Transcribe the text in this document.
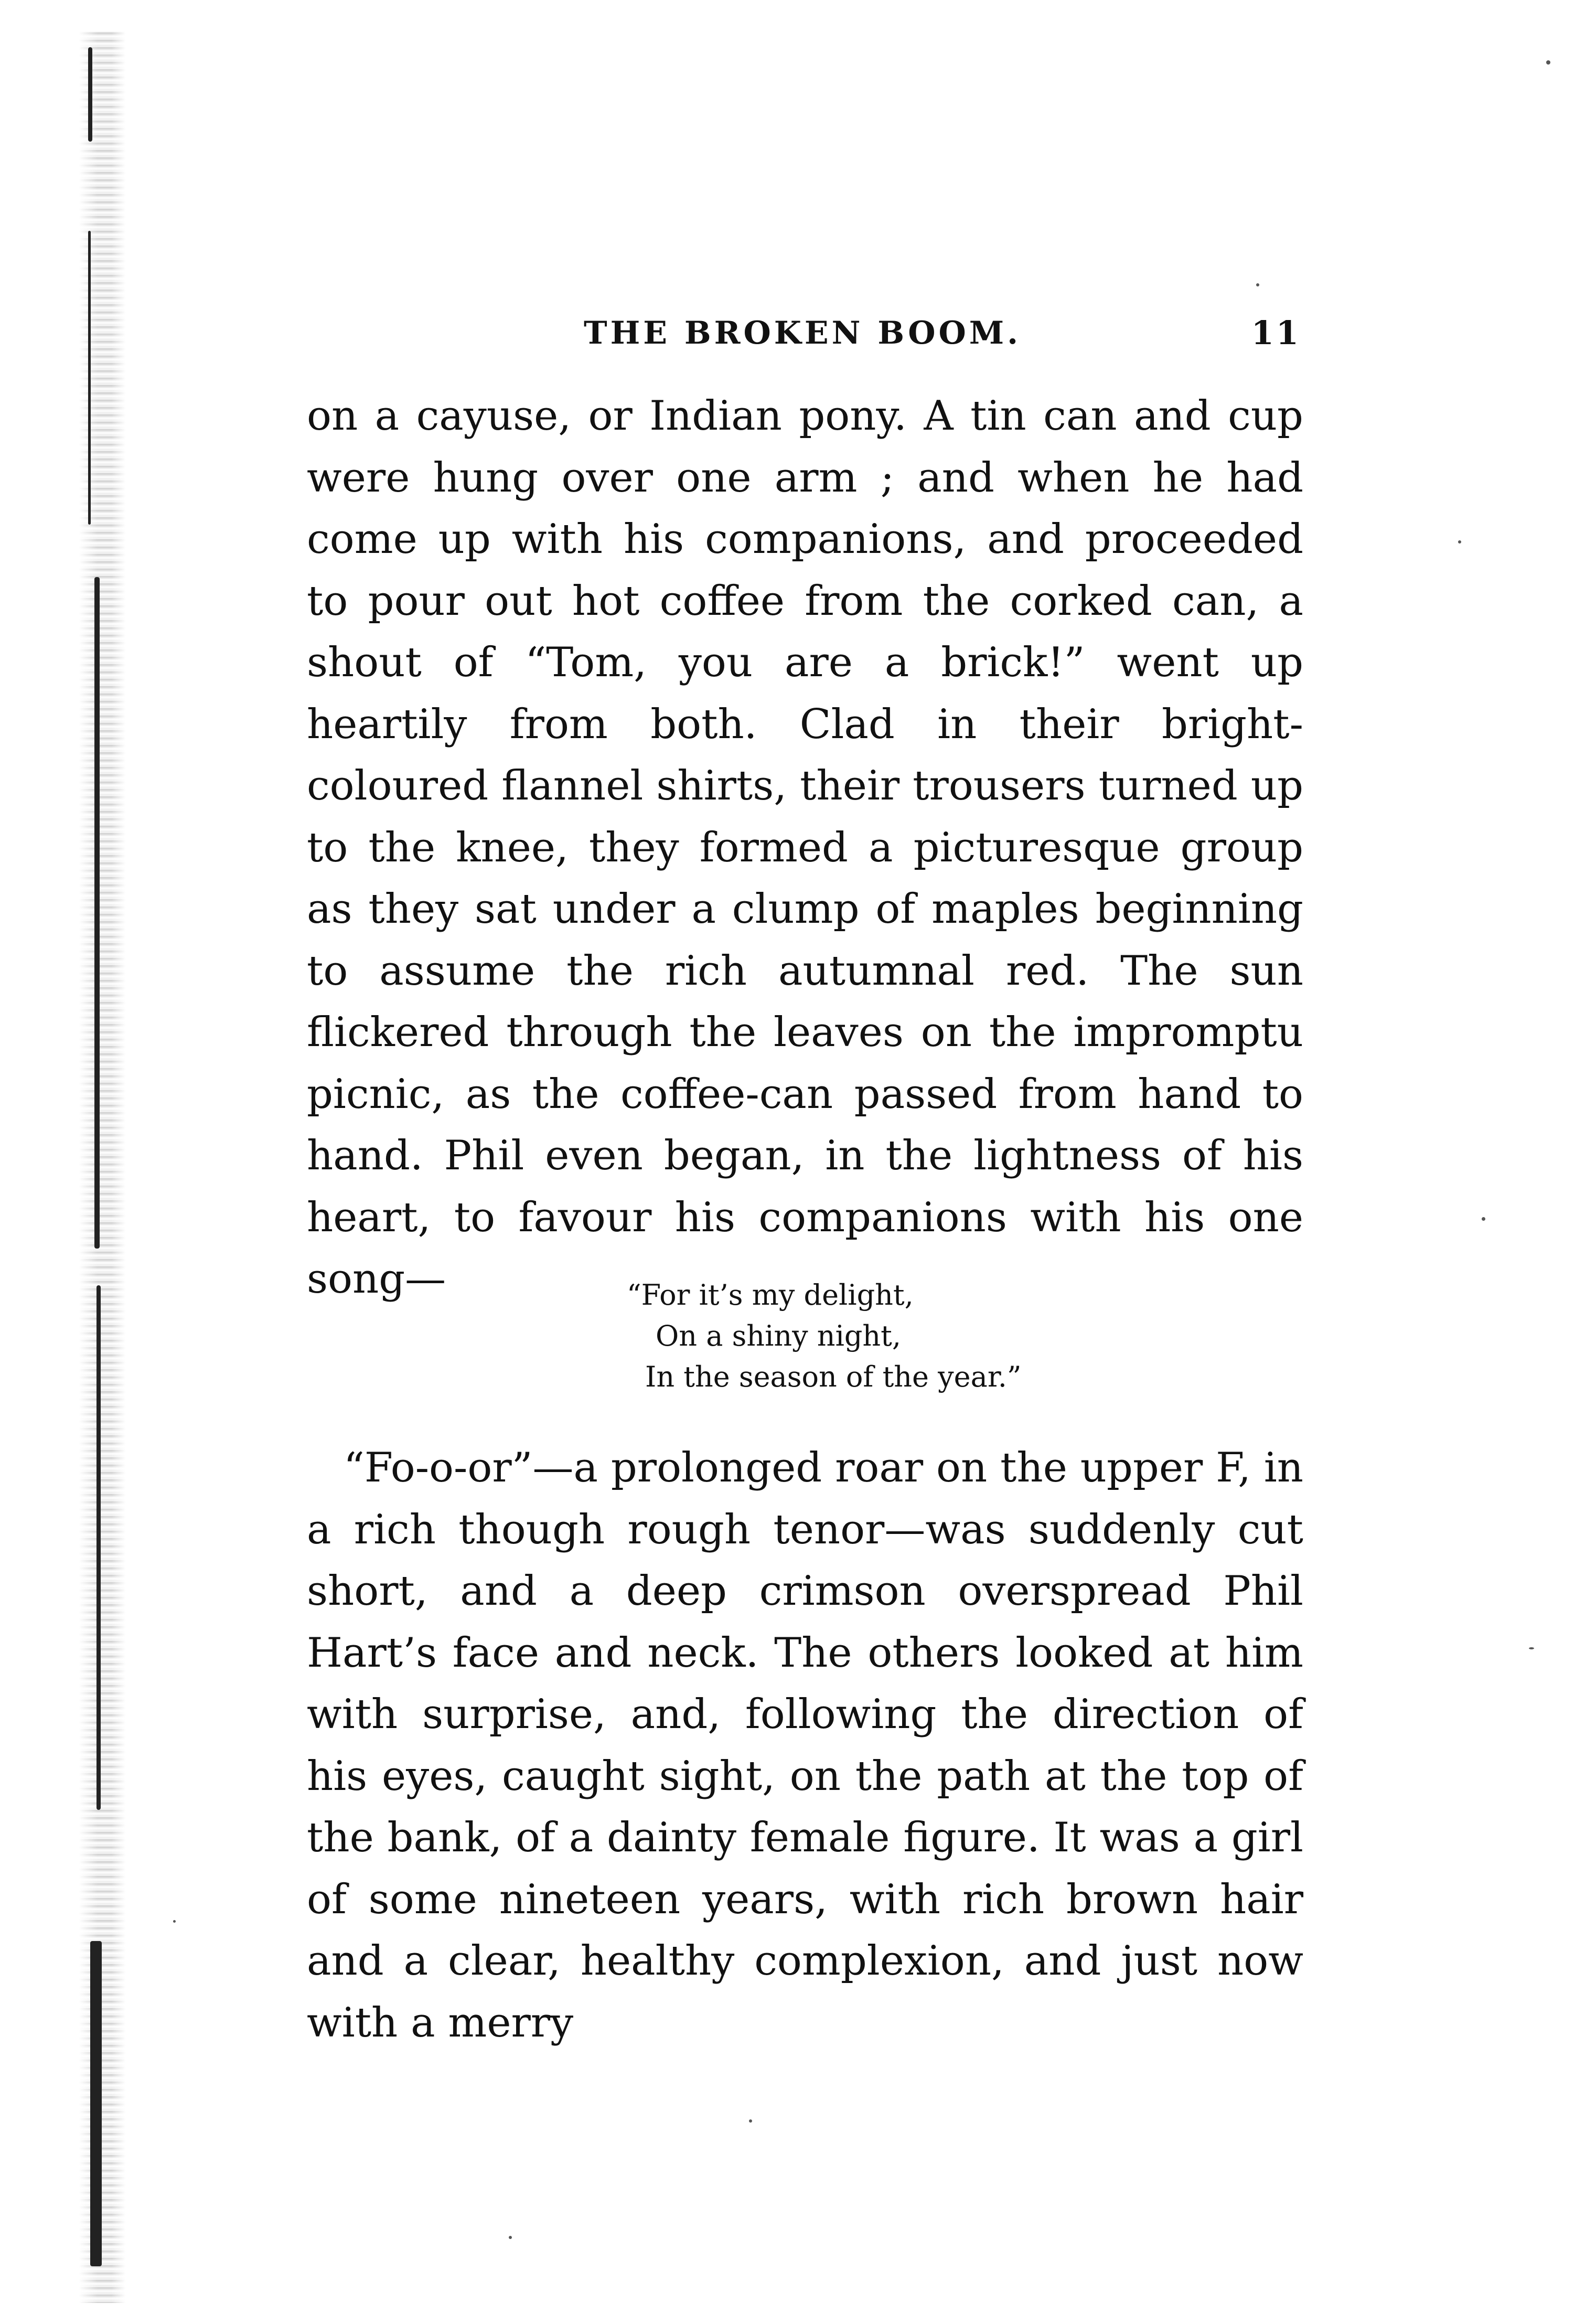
THE BROKEN BOOM.	11

on a cayuse, or Indian pony. A tin can and cup were hung over one arm ; and when he had come up with his companions, and proceeded to pour out hot coffee from the corked can, a shout of “Tom, you are a brick!” went up heartily from both. Clad in their bright-coloured flannel shirts, their trousers turned up to the knee, they formed a picturesque group as they sat under a clump of maples beginning to assume the rich autumnal red. The sun flickered through the leaves on the impromptu picnic, as the coffee-can passed from hand to hand. Phil even began, in the lightness of his heart, to favour his companions with his one song—	“For it’s my delight,
On a shiny night,
In the season of the year.”

“Fo-o-or”—a prolonged roar on the upper F, in a rich though rough tenor—was suddenly cut short, and a deep crimson overspread Phil Hart’s face and neck. The others looked at him with surprise, and, following the direction of his eyes, caught sight, on the path at the top of the bank, of a dainty female figure. It was a girl of some nineteen years, with rich brown hair and a clear, healthy complexion, and just now with a merry
